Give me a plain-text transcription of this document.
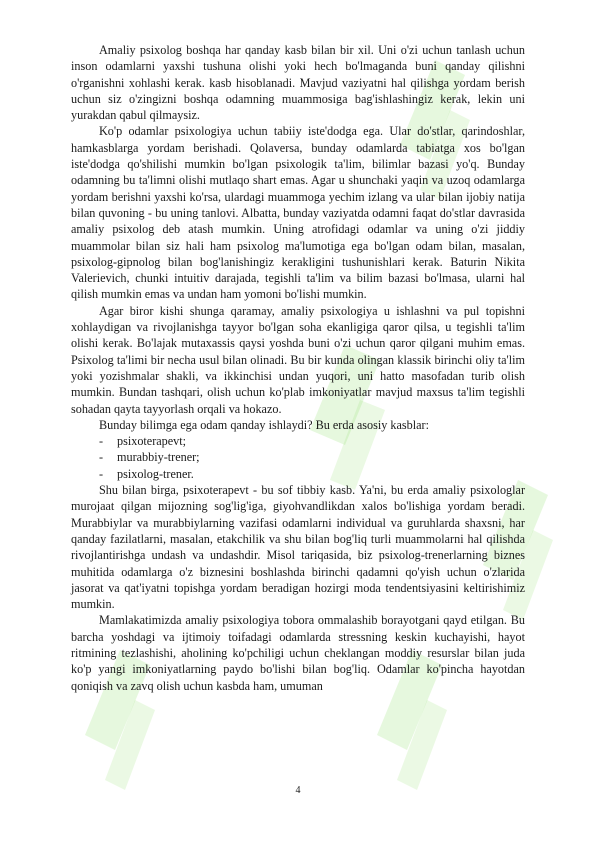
Amaliy psixolog boshqa har qanday kasb bilan bir xil. Uni o'zi uchun tanlash uchun inson odamlarni yaxshi tushuna olishi yoki hech bo'lmaganda buni qanday qilishni o'rganishni xohlashi kerak. kasb hisoblanadi. Mavjud vaziyatni hal qilishga yordam berish uchun siz o'zingizni boshqa odamning muammosiga bag'ishlashingiz kerak, lekin uni yurakdan qabul qilmaysiz.

Ko'p odamlar psixologiya uchun tabiiy iste'dodga ega. Ular do'stlar, qarindoshlar, hamkasblarga yordam berishadi. Qolaversa, bunday odamlarda tabiatga xos bo'lgan iste'dodga qo'shilishi mumkin bo'lgan psixologik ta'lim, bilimlar bazasi yo'q. Bunday odamning bu ta'limni olishi mutlaqo shart emas. Agar u shunchaki yaqin va uzoq odamlarga yordam berishni yaxshi ko'rsa, ulardagi muammoga yechim izlang va ular bilan ijobiy natija bilan quvoning - bu uning tanlovi. Albatta, bunday vaziyatda odamni faqat do'stlar davrasida amaliy psixolog deb atash mumkin. Uning atrofidagi odamlar va uning o'zi jiddiy muammolar bilan siz hali ham psixolog ma'lumotiga ega bo'lgan odam bilan, masalan, psixolog-gipnolog bilan bog'lanishingiz kerakligini tushunishlari kerak. Baturin Nikita Valerievich, chunki intuitiv darajada, tegishli ta'lim va bilim bazasi bo'lmasa, ularni hal qilish mumkin emas va undan ham yomoni bo'lishi mumkin.

Agar biror kishi shunga qaramay, amaliy psixologiya u ishlashni va pul topishni xohlaydigan va rivojlanishga tayyor bo'lgan soha ekanligiga qaror qilsa, u tegishli ta'lim olishi kerak. Bo'lajak mutaxassis qaysi yoshda buni o'zi uchun qaror qilgani muhim emas. Psixolog ta'limi bir necha usul bilan olinadi. Bu bir kunda olingan klassik birinchi oliy ta'lim yoki yozishmalar shakli, va ikkinchisi undan yuqori, uni hatto masofadan turib olish mumkin. Bundan tashqari, olish uchun ko'plab imkoniyatlar mavjud maxsus ta'lim tegishli sohadan qayta tayyorlash orqali va hokazo.

Bunday bilimga ega odam qanday ishlaydi? Bu erda asosiy kasblar:

- psixoterapevt;
- murabbiy-trener;
- psixolog-trener.

Shu bilan birga, psixoterapevt - bu sof tibbiy kasb. Ya'ni, bu erda amaliy psixologlar murojaat qilgan mijozning sog'lig'iga, giyohvandlikdan xalos bo'lishiga yordam beradi. Murabbiylar va murabbiylarning vazifasi odamlarni individual va guruhlarda shaxsni, har qanday fazilatlarni, masalan, etakchilik va shu bilan bog'liq turli muammolarni hal qilishda rivojlantirishga undash va undashdir. Misol tariqasida, biz psixolog-trenerlarning biznes muhitida odamlarga o'z biznesini boshlashda birinchi qadamni qo'yish uchun o'zlarida jasorat va qat'iyatni topishga yordam beradigan hozirgi moda tendentsiyasini keltirishimiz mumkin.

Mamlakatimizda amaliy psixologiya tobora ommalashib borayotgani qayd etilgan. Bu barcha yoshdagi va ijtimoiy toifadagi odamlarda stressning keskin kuchayishi, hayot ritmining tezlashishi, aholining ko'pchiligi uchun cheklangan moddiy resurslar bilan juda ko'p yangi imkoniyatlarning paydo bo'lishi bilan bog'liq. Odamlar ko'pincha hayotdan qoniqish va zavq olish uchun kasbda ham, umuman

4
